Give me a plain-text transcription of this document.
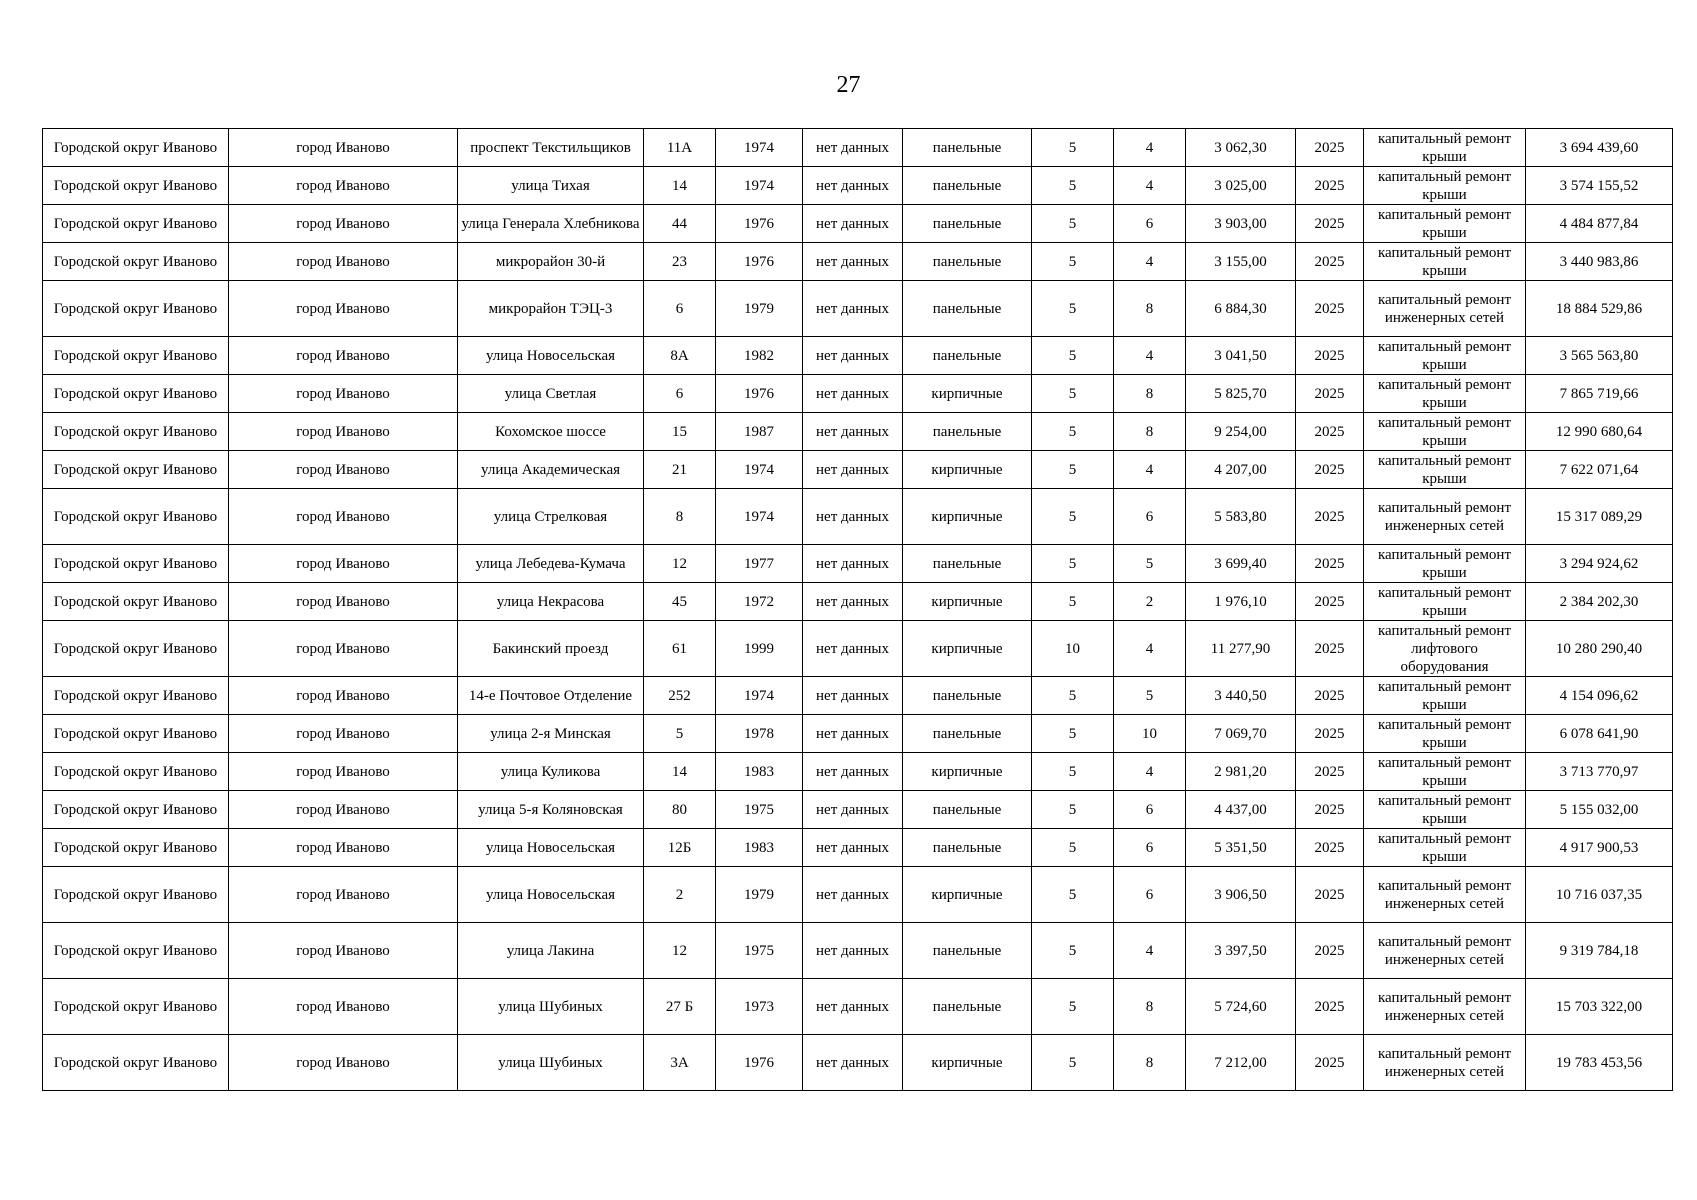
27
Городской округ Иваново	город Иваново	проспект Текстильщиков	11А	1974	нет данных	панельные	5	4	3 062,30	2025	капитальный ремонт крыши	3 694 439,60
Городской округ Иваново	город Иваново	улица Тихая	14	1974	нет данных	панельные	5	4	3 025,00	2025	капитальный ремонт крыши	3 574 155,52
Городской округ Иваново	город Иваново	улица Генерала Хлебникова	44	1976	нет данных	панельные	5	6	3 903,00	2025	капитальный ремонт крыши	4 484 877,84
Городской округ Иваново	город Иваново	микрорайон 30-й	23	1976	нет данных	панельные	5	4	3 155,00	2025	капитальный ремонт крыши	3 440 983,86
Городской округ Иваново	город Иваново	микрорайон ТЭЦ-3	6	1979	нет данных	панельные	5	8	6 884,30	2025	капитальный ремонт инженерных сетей	18 884 529,86
Городской округ Иваново	город Иваново	улица Новосельская	8А	1982	нет данных	панельные	5	4	3 041,50	2025	капитальный ремонт крыши	3 565 563,80
Городской округ Иваново	город Иваново	улица Светлая	6	1976	нет данных	кирпичные	5	8	5 825,70	2025	капитальный ремонт крыши	7 865 719,66
Городской округ Иваново	город Иваново	Кохомское шоссе	15	1987	нет данных	панельные	5	8	9 254,00	2025	капитальный ремонт крыши	12 990 680,64
Городской округ Иваново	город Иваново	улица Академическая	21	1974	нет данных	кирпичные	5	4	4 207,00	2025	капитальный ремонт крыши	7 622 071,64
Городской округ Иваново	город Иваново	улица Стрелковая	8	1974	нет данных	кирпичные	5	6	5 583,80	2025	капитальный ремонт инженерных сетей	15 317 089,29
Городской округ Иваново	город Иваново	улица Лебедева-Кумача	12	1977	нет данных	панельные	5	5	3 699,40	2025	капитальный ремонт крыши	3 294 924,62
Городской округ Иваново	город Иваново	улица Некрасова	45	1972	нет данных	кирпичные	5	2	1 976,10	2025	капитальный ремонт крыши	2 384 202,30
Городской округ Иваново	город Иваново	Бакинский проезд	61	1999	нет данных	кирпичные	10	4	11 277,90	2025	капитальный ремонт лифтового оборудования	10 280 290,40
Городской округ Иваново	город Иваново	14-е Почтовое Отделение	252	1974	нет данных	панельные	5	5	3 440,50	2025	капитальный ремонт крыши	4 154 096,62
Городской округ Иваново	город Иваново	улица 2-я Минская	5	1978	нет данных	панельные	5	10	7 069,70	2025	капитальный ремонт крыши	6 078 641,90
Городской округ Иваново	город Иваново	улица Куликова	14	1983	нет данных	кирпичные	5	4	2 981,20	2025	капитальный ремонт крыши	3 713 770,97
Городской округ Иваново	город Иваново	улица 5-я Коляновская	80	1975	нет данных	панельные	5	6	4 437,00	2025	капитальный ремонт крыши	5 155 032,00
Городской округ Иваново	город Иваново	улица Новосельская	12Б	1983	нет данных	панельные	5	6	5 351,50	2025	капитальный ремонт крыши	4 917 900,53
Городской округ Иваново	город Иваново	улица Новосельская	2	1979	нет данных	кирпичные	5	6	3 906,50	2025	капитальный ремонт инженерных сетей	10 716 037,35
Городской округ Иваново	город Иваново	улица Лакина	12	1975	нет данных	панельные	5	4	3 397,50	2025	капитальный ремонт инженерных сетей	9 319 784,18
Городской округ Иваново	город Иваново	улица Шубиных	27 Б	1973	нет данных	панельные	5	8	5 724,60	2025	капитальный ремонт инженерных сетей	15 703 322,00
Городской округ Иваново	город Иваново	улица Шубиных	3А	1976	нет данных	кирпичные	5	8	7 212,00	2025	капитальный ремонт инженерных сетей	19 783 453,56
